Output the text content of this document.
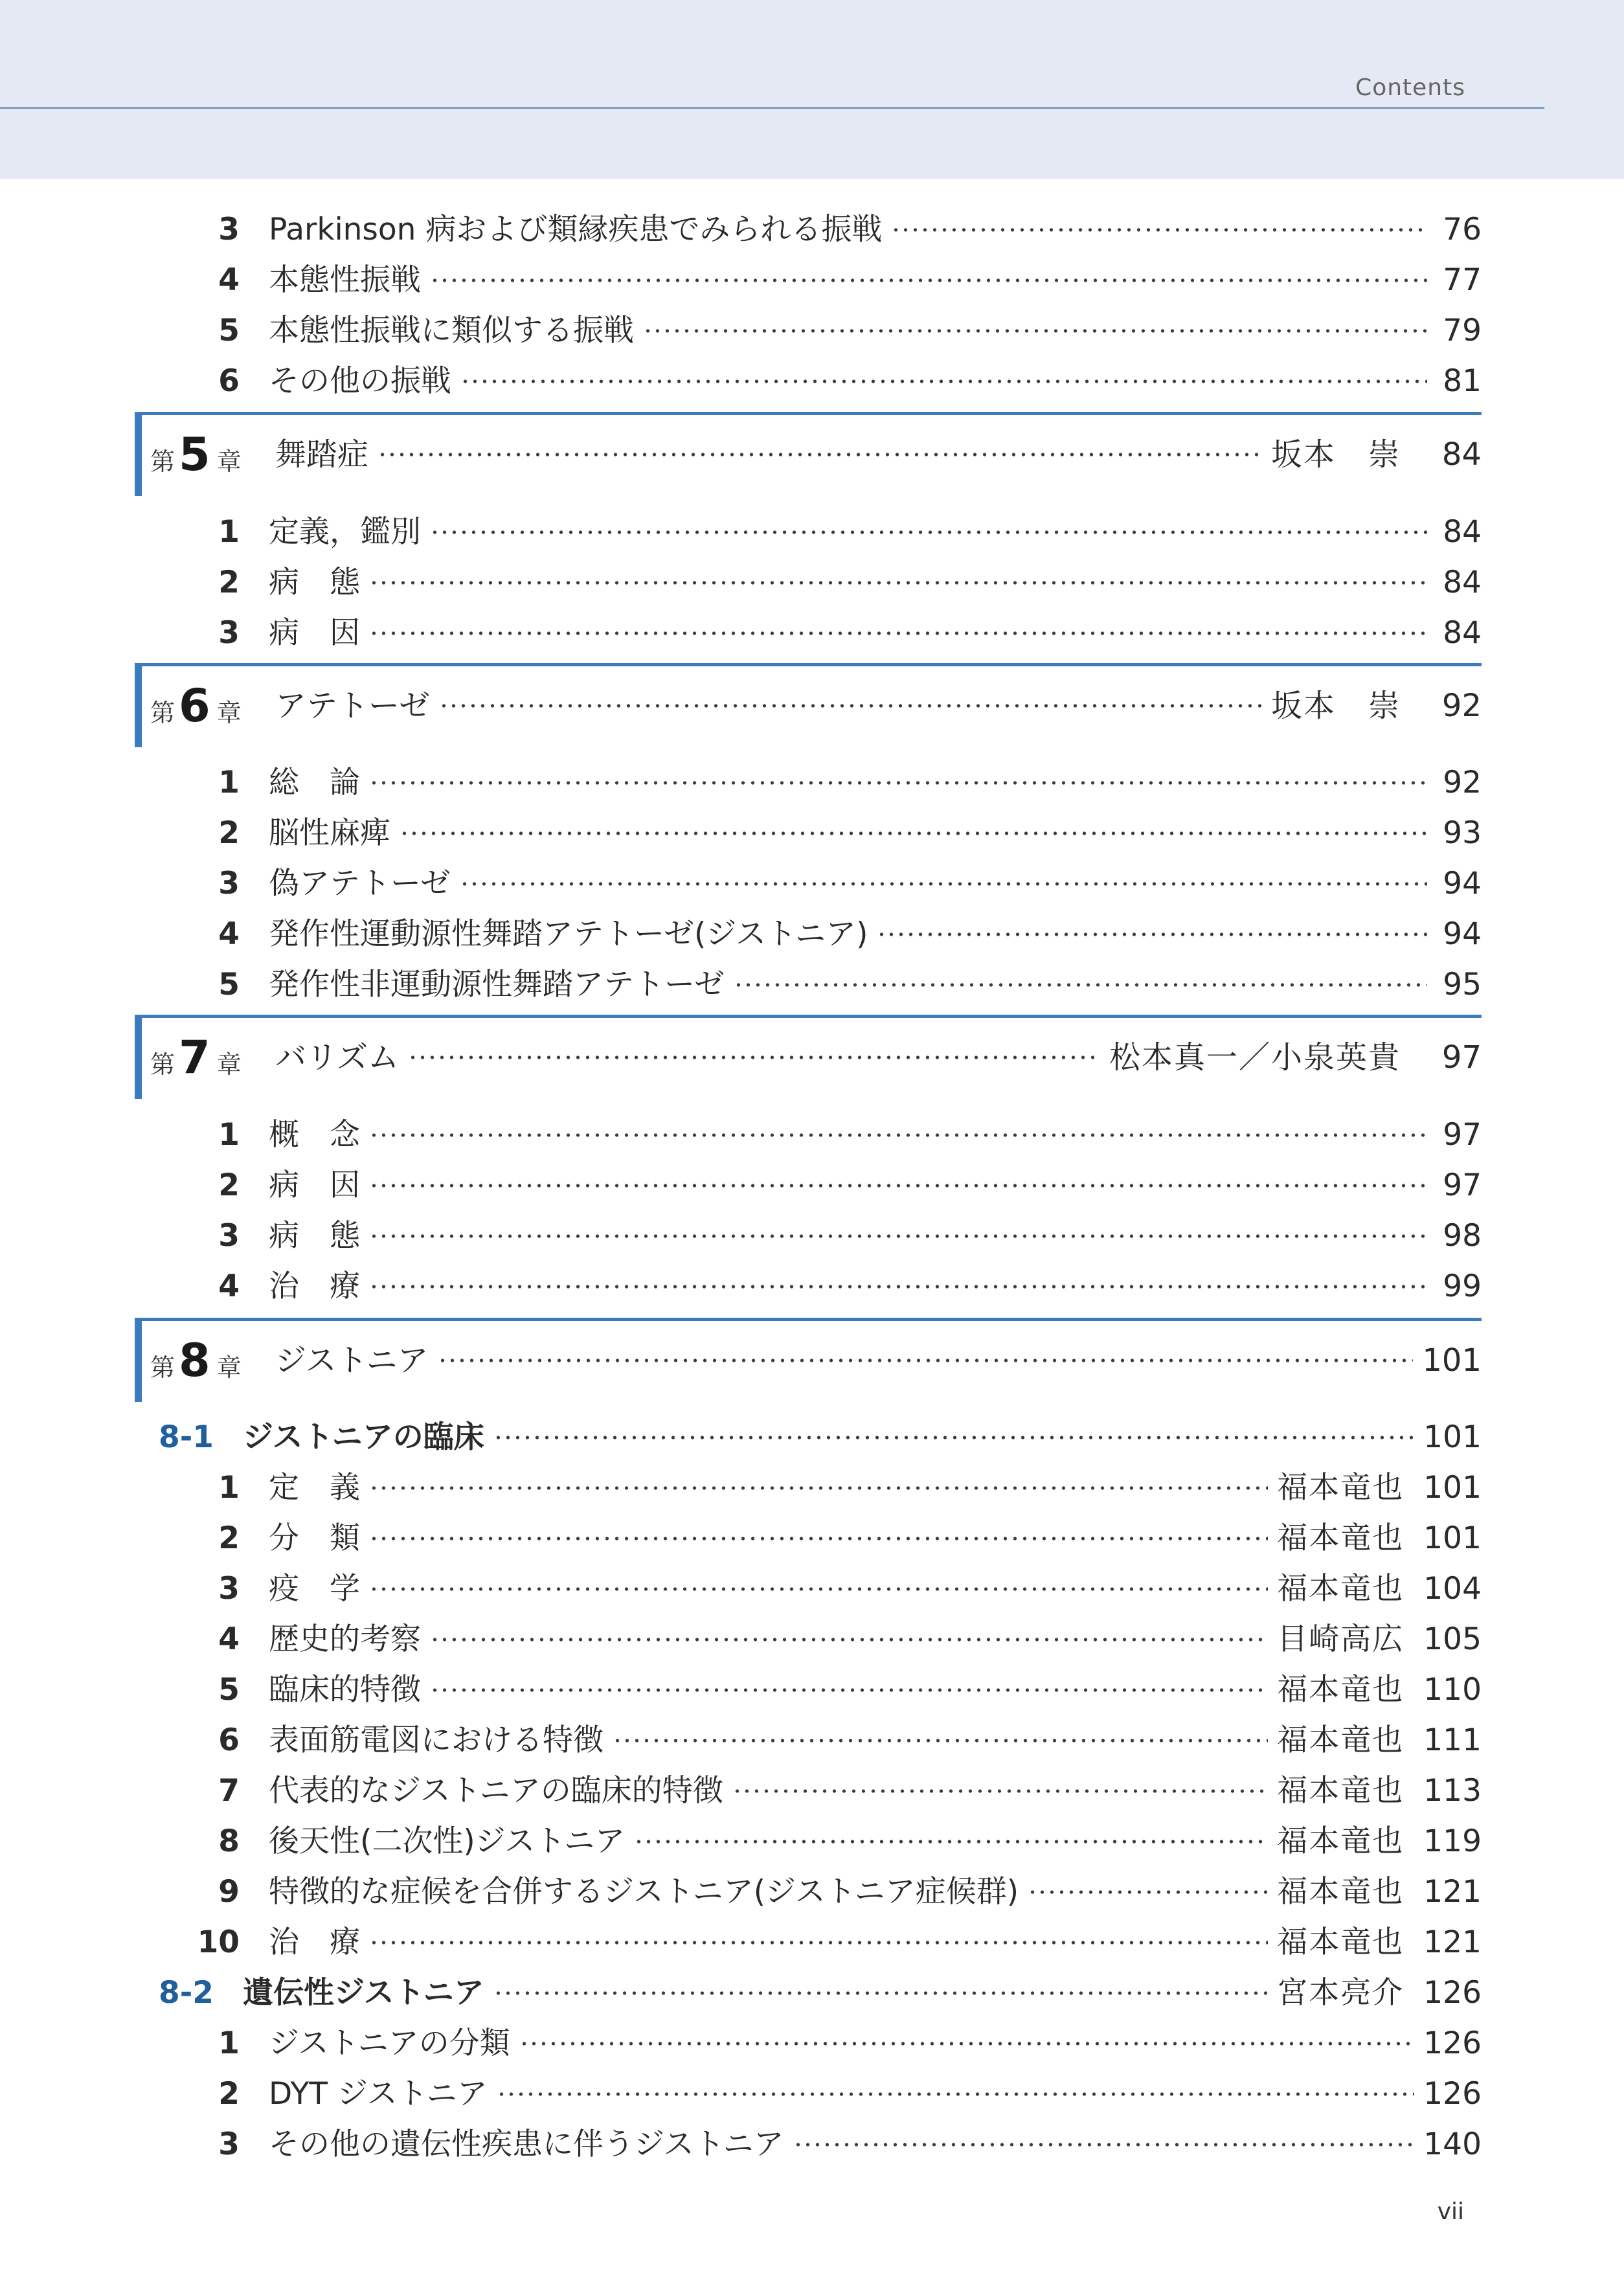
Contents
3 Parkinson 病および類縁疾患でみられる振戦	76
4 本態性振戦	77
5 本態性振戦に類似する振戦	79
6 その他の振戦	81
第 5 章 舞踏症	坂本　崇 84
1 定義，鑑別	84
2 病　態	84
3 病　因	84
第 6 章 アテトーゼ	坂本　崇 92
1 総　論	92
2 脳性麻痺	93
3 偽アテトーゼ	94
4 発作性運動源性舞踏アテトーゼ(ジストニア)	94
5 発作性非運動源性舞踏アテトーゼ	95
第 7 章 バリズム	松本真一／小泉英貴 97
1 概　念	97
2 病　因	97
3 病　態	98
4 治　療	99
第 8 章 ジストニア	101
8-1 ジストニアの臨床	101
1 定　義	福本竜也 101
2 分　類	福本竜也 101
3 疫　学	福本竜也 104
4 歴史的考察	目崎高広 105
5 臨床的特徴	福本竜也 110
6 表面筋電図における特徴	福本竜也 111
7 代表的なジストニアの臨床的特徴	福本竜也 113
8 後天性(二次性)ジストニア	福本竜也 119
9 特徴的な症候を合併するジストニア(ジストニア症候群)	福本竜也 121
10 治　療	福本竜也 121
8-2 遺伝性ジストニア	宮本亮介 126
1 ジストニアの分類	126
2 DYT ジストニア	126
3 その他の遺伝性疾患に伴うジストニア	140
vii
